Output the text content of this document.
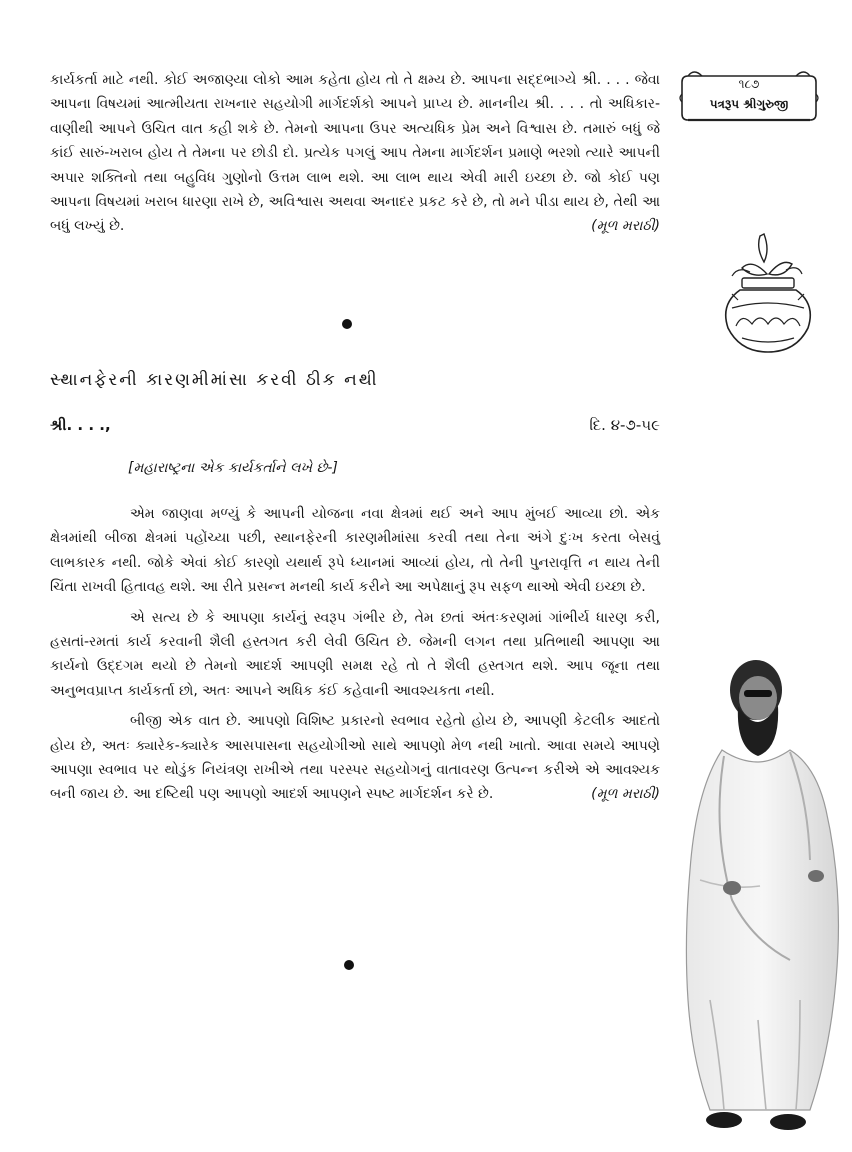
૧૮૭
પત્રરૂપ શ્રીગુરુજી

કાર્યકર્તા માટે નથી. કોઈ અજાણ્યા લોકો આમ કહેતા હોય તો તે ક્ષમ્ય છે. આપના સદ્દભાગ્યે શ્રી. . . . જેવા આપના વિષયમાં આત્મીયતા રાખનાર સહયોગી માર્ગદર્શકો આપને પ્રાપ્ય છે. માનનીય શ્રી. . . . તો અધિકાર-વાણીથી આપને ઉચિત વાત કહી શકે છે. તેમનો આપના ઉપર અત્યધિક પ્રેમ અને વિશ્વાસ છે. તમારું બધું જે કાંઈ સારું-ખરાબ હોય તે તેમના પર છોડી દો. પ્રત્યેક પગલું આપ તેમના માર્ગદર્શન પ્રમાણે ભરશો ત્યારે આપની અપાર શક્તિનો તથા બહુવિધ ગુણોનો ઉત્તમ લાભ થશે. આ લાભ થાય એવી મારી ઇચ્છા છે. જો કોઈ પણ આપના વિષયમાં ખરાબ ધારણા રાખે છે, અવિશ્વાસ અથવા અનાદર પ્રકટ કરે છે, તો મને પીડા થાય છે, તેથી આ બધું લખ્યું છે.	(મૂળ મરાઠી)

સ્થાનફેરની કારણમીમાંસા કરવી ઠીક નથી
શ્રી. . . .,	દિ. ૪-૭-૫૯
[મહારાષ્ટ્રના એક કાર્યકર્તાને લખે છે-]

એમ જાણવા મળ્યું કે આપની યોજના નવા ક્ષેત્રમાં થઈ અને આપ મુંબઈ આવ્યા છો. એક ક્ષેત્રમાંથી બીજા ક્ષેત્રમાં પહોંચ્યા પછી, સ્થાનફેરની કારણમીમાંસા કરવી તથા તેના અંગે દુઃખ કરતા બેસવું લાભકારક નથી. જોકે એવાં કોઈ કારણો યથાર્થ રૂપે ધ્યાનમાં આવ્યાં હોય, તો તેની પુનરાવૃત્તિ ન થાય તેની ચિંતા રાખવી હિતાવહ થશે. આ રીતે પ્રસન્ન મનથી કાર્ય કરીને આ અપેક્ષાનું રૂપ સફળ થાઓ એવી ઇચ્છા છે.

એ સત્ય છે કે આપણા કાર્યનું સ્વરૂપ ગંભીર છે, તેમ છતાં અંતઃકરણમાં ગાંભીર્ય ધારણ કરી, હસતાં-રમતાં કાર્ય કરવાની શૈલી હસ્તગત કરી લેવી ઉચિત છે. જેમની લગન તથા પ્રતિભાથી આપણા આ કાર્યનો ઉદ્દગમ થયો છે તેમનો આદર્શ આપણી સમક્ષ રહે તો તે શૈલી હસ્તગત થશે. આપ જૂના તથા અનુભવપ્રાપ્ત કાર્યકર્તા છો, અતઃ આપને અધિક કંઈ કહેવાની આવશ્યકતા નથી.

બીજી એક વાત છે. આપણો વિશિષ્ટ પ્રકારનો સ્વભાવ રહેતો હોય છે, આપણી કેટલીક આદતો હોય છે, અતઃ ક્યારેક-ક્યારેક આસપાસના સહયોગીઓ સાથે આપણો મેળ નથી ખાતો. આવા સમયે આપણે આપણા સ્વભાવ પર થોડુંક નિયંત્રણ રાખીએ તથા પરસ્પર સહયોગનું વાતાવરણ ઉત્પન્ન કરીએ એ આવશ્યક બની જાય છે. આ દષ્ટિથી પણ આપણો આદર્શ આપણને સ્પષ્ટ માર્ગદર્શન કરે છે.	(મૂળ મરાઠી)
